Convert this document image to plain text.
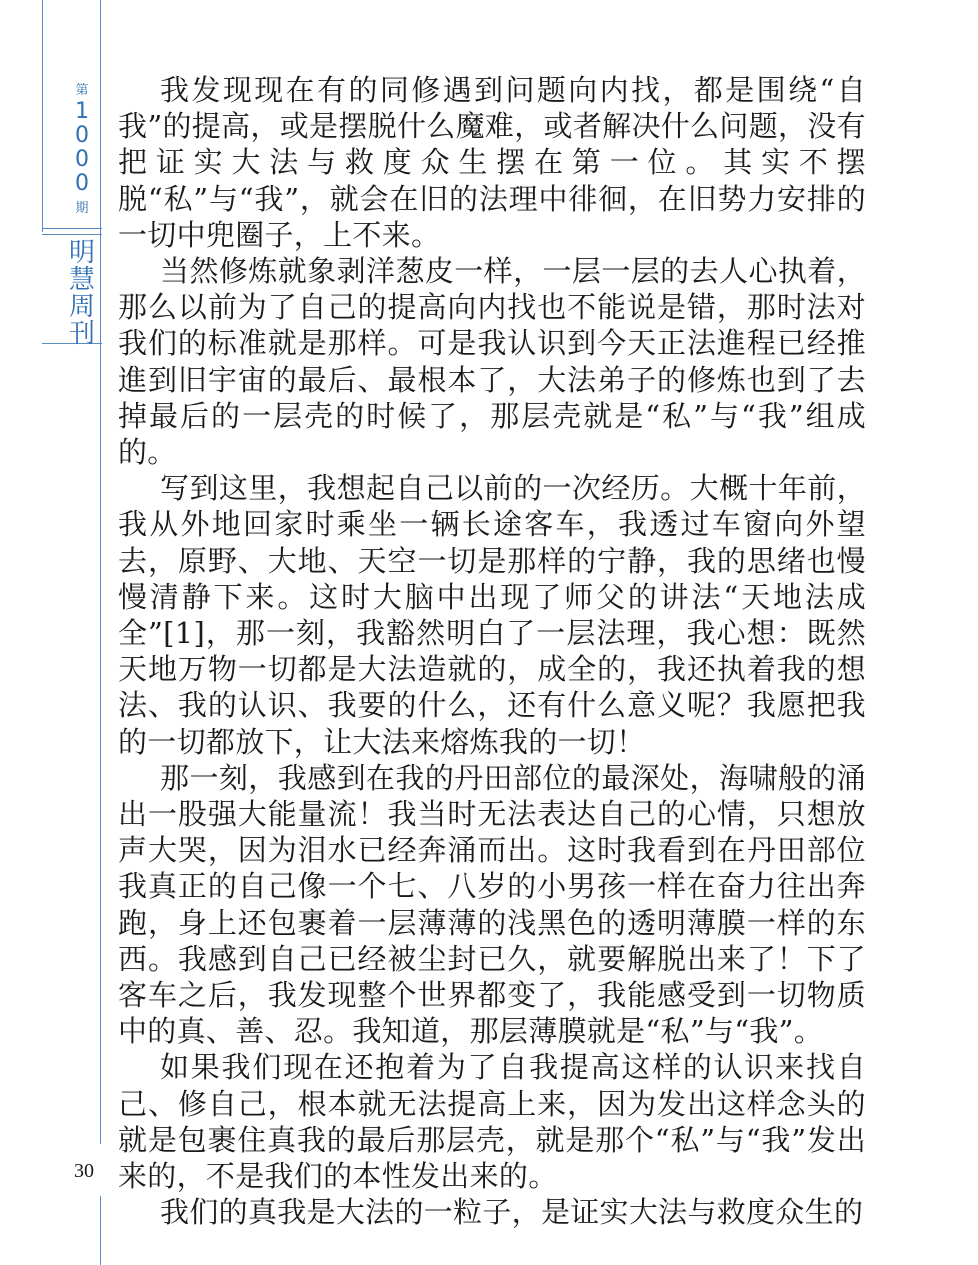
第
1
0
0
0
期
明
慧
周
刊
30

我发现现在有的同修遇到问题向内找，都是围绕“自我”的提高，或是摆脱什么魔难，或者解决什么问题，没有把证实大法与救度众生摆在第一位。其实不摆脱“私”与“我”，就会在旧的法理中徘徊，在旧势力安排的一切中兜圈子，上不来。

当然修炼就象剥洋葱皮一样，一层一层的去人心执着，那么以前为了自己的提高向内找也不能说是错，那时法对我们的标准就是那样。可是我认识到今天正法進程已经推進到旧宇宙的最后、最根本了，大法弟子的修炼也到了去掉最后的一层壳的时候了，那层壳就是“私”与“我”组成的。

写到这里，我想起自己以前的一次经历。大概十年前，我从外地回家时乘坐一辆长途客车，我透过车窗向外望去，原野、大地、天空一切是那样的宁静，我的思绪也慢慢清静下来。这时大脑中出现了师父的讲法“天地法成全”[1]，那一刻，我豁然明白了一层法理，我心想：既然天地万物一切都是大法造就的，成全的，我还执着我的想法、我的认识、我要的什么，还有什么意义呢？我愿把我的一切都放下，让大法来熔炼我的一切！

那一刻，我感到在我的丹田部位的最深处，海啸般的涌出一股强大能量流！我当时无法表达自己的心情，只想放声大哭，因为泪水已经奔涌而出。这时我看到在丹田部位我真正的自己像一个七、八岁的小男孩一样在奋力往出奔跑，身上还包裹着一层薄薄的浅黑色的透明薄膜一样的东西。我感到自己已经被尘封已久，就要解脱出来了！下了客车之后，我发现整个世界都变了，我能感受到一切物质中的真、善、忍。我知道，那层薄膜就是“私”与“我”。

如果我们现在还抱着为了自我提高这样的认识来找自己、修自己，根本就无法提高上来，因为发出这样念头的就是包裹住真我的最后那层壳，就是那个“私”与“我”发出来的，不是我们的本性发出来的。

我们的真我是大法的一粒子，是证实大法与救度众生的
